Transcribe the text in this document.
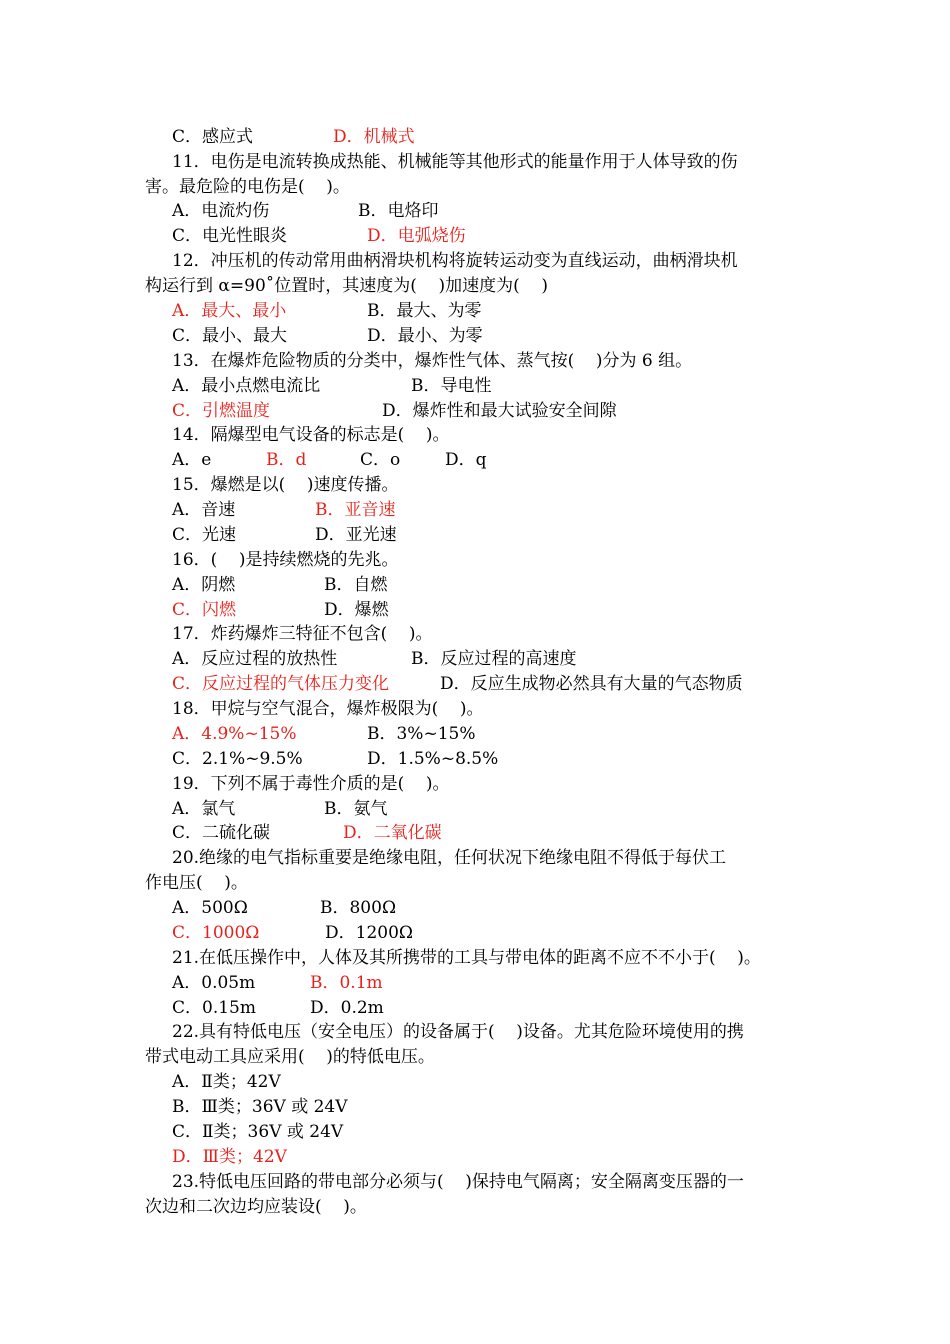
C．感应式	D．机械式
11．电伤是电流转换成热能、机械能等其他形式的能量作用于人体导致的伤
害。最危险的电伤是(    )。
A．电流灼伤	B．电烙印
C．电光性眼炎	D．电弧烧伤
12．冲压机的传动常用曲柄滑块机构将旋转运动变为直线运动，曲柄滑块机
构运行到 α=90˚位置时，其速度为(    )加速度为(    )
A．最大、最小	B．最大、为零
C．最小、最大	D．最小、为零
13．在爆炸危险物质的分类中，爆炸性气体、蒸气按(    )分为 6 组。
A．最小点燃电流比	B．导电性
C．引燃温度	D．爆炸性和最大试验安全间隙
14．隔爆型电气设备的标志是(    )。
A．e	B．d	C．o	D．q
15．爆燃是以(    )速度传播。
A．音速	B．亚音速
C．光速	D．亚光速
16．(    )是持续燃烧的先兆。
A．阴燃	B．自燃
C．闪燃	D．爆燃
17．炸药爆炸三特征不包含(    )。
A．反应过程的放热性	B．反应过程的高速度
C．反应过程的气体压力变化	D．反应生成物必然具有大量的气态物质
18．甲烷与空气混合，爆炸极限为(    )。
A．4.9%~15%	B．3%~15%
C．2.1%~9.5%	D．1.5%~8.5%
19．下列不属于毒性介质的是(    )。
A．氯气	B．氨气
C．二硫化碳	D．二氧化碳
20.绝缘的电气指标重要是绝缘电阻，任何状况下绝缘电阻不得低于每伏工
作电压(    )。
A．500Ω	B．800Ω
C．1000Ω	D．1200Ω
21.在低压操作中，人体及其所携带的工具与带电体的距离不应不不小于(    )。
A．0.05m	B．0.1m
C．0.15m	D．0.2m
22.具有特低电压（安全电压）的设备属于(    )设备。尤其危险环境使用的携
带式电动工具应采用(    )的特低电压。
A．Ⅱ类；42V
B．Ⅲ类；36V 或 24V
C．Ⅱ类；36V 或 24V
D．Ⅲ类；42V
23.特低电压回路的带电部分必须与(    )保持电气隔离；安全隔离变压器的一
次边和二次边均应装设(    )。
